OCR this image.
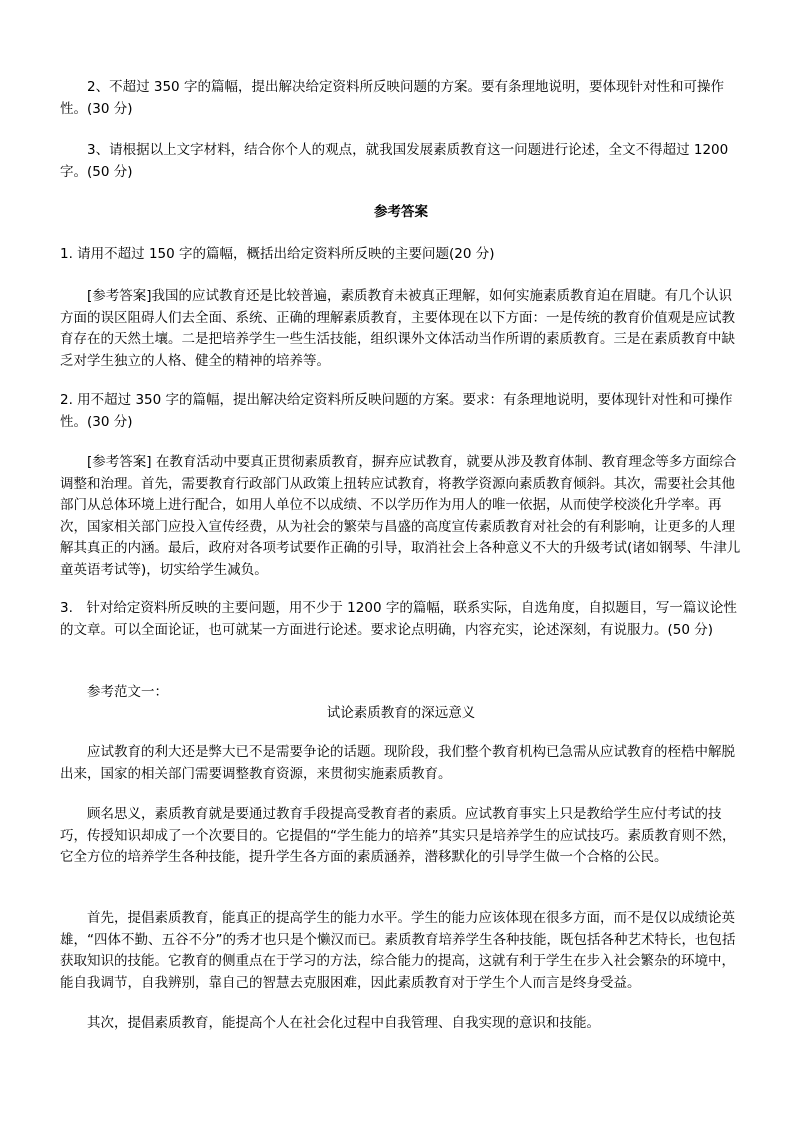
2、不超过 350 字的篇幅，提出解决给定资料所反映问题的方案。要有条理地说明，要体现针对性和可操作性。(30 分)

3、请根据以上文字材料，结合你个人的观点，就我国发展素质教育这一问题进行论述，全文不得超过 1200 字。(50 分)

参考答案

1. 请用不超过 150 字的篇幅，概括出给定资料所反映的主要问题(20 分)

[参考答案]我国的应试教育还是比较普遍，素质教育未被真正理解，如何实施素质教育迫在眉睫。有几个认识方面的误区阻碍人们去全面、系统、正确的理解素质教育，主要体现在以下方面：一是传统的教育价值观是应试教育存在的天然土壤。二是把培养学生一些生活技能，组织课外文体活动当作所谓的素质教育。三是在素质教育中缺乏对学生独立的人格、健全的精神的培养等。

2. 用不超过 350 字的篇幅，提出解决给定资料所反映问题的方案。要求：有条理地说明，要体现针对性和可操作性。(30 分)

[参考答案] 在教育活动中要真正贯彻素质教育，摒弃应试教育，就要从涉及教育体制、教育理念等多方面综合调整和治理。首先，需要教育行政部门从政策上扭转应试教育，将教学资源向素质教育倾斜。其次，需要社会其他部门从总体环境上进行配合，如用人单位不以成绩、不以学历作为用人的唯一依据，从而使学校淡化升学率。再次，国家相关部门应投入宣传经费，从为社会的繁荣与昌盛的高度宣传素质教育对社会的有利影响，让更多的人理解其真正的内涵。最后，政府对各项考试要作正确的引导，取消社会上各种意义不大的升级考试(诸如钢琴、牛津儿童英语考试等)，切实给学生减负。

3.　针对给定资料所反映的主要问题，用不少于 1200 字的篇幅，联系实际，自选角度，自拟题目，写一篇议论性的文章。可以全面论证，也可就某一方面进行论述。要求论点明确，内容充实，论述深刻，有说服力。(50 分)

参考范文一：

试论素质教育的深远意义

应试教育的利大还是弊大已不是需要争论的话题。现阶段，我们整个教育机构已急需从应试教育的桎梏中解脱出来，国家的相关部门需要调整教育资源，来贯彻实施素质教育。

顾名思义，素质教育就是要通过教育手段提高受教育者的素质。应试教育事实上只是教给学生应付考试的技巧，传授知识却成了一个次要目的。它提倡的“学生能力的培养”其实只是培养学生的应试技巧。素质教育则不然，它全方位的培养学生各种技能，提升学生各方面的素质涵养，潜移默化的引导学生做一个合格的公民。

首先，提倡素质教育，能真正的提高学生的能力水平。学生的能力应该体现在很多方面，而不是仅以成绩论英雄，“四体不勤、五谷不分”的秀才也只是个懒汉而已。素质教育培养学生各种技能，既包括各种艺术特长，也包括获取知识的技能。它教育的侧重点在于学习的方法，综合能力的提高，这就有利于学生在步入社会繁杂的环境中，能自我调节，自我辨别，靠自己的智慧去克服困难，因此素质教育对于学生个人而言是终身受益。

其次，提倡素质教育，能提高个人在社会化过程中自我管理、自我实现的意识和技能。
